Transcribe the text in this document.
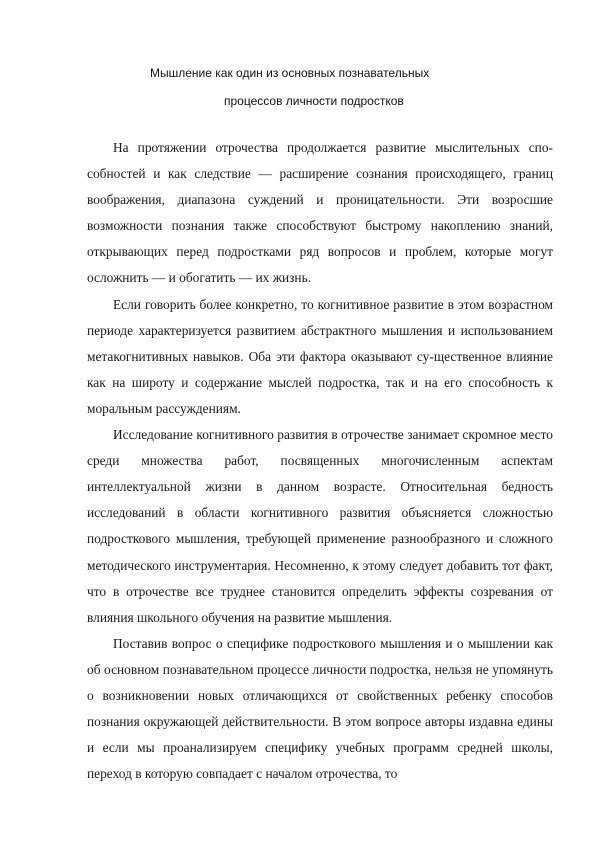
Мышление как один из основных познавательных
процессов личности подростков

На протяжении отрочества продолжается развитие мыслительных спо-собностей и как следствие — расширение сознания происходящего, границ воображения, диапазона суждений и проницательности. Эти возросшие возможности познания также способствуют быстрому накоплению знаний, открывающих перед подростками ряд вопросов и проблем, которые могут осложнить — и обогатить — их жизнь.

Если говорить более конкретно, то когнитивное развитие в этом возрастном периоде характеризуется развитием абстрактного мышления и использованием метакогнитивных навыков. Оба эти фактора оказывают су-щественное влияние как на широту и содержание мыслей подростка, так и на его способность к моральным рассуждениям.

Исследование когнитивного развития в отрочестве занимает скромное место среди множества работ, посвященных многочисленным аспектам интеллектуальной жизни в данном возрасте. Относительная бедность исследований в области когнитивного развития объясняется сложностью подросткового мышления, требующей применение разнообразного и сложного методического инструментария. Несомненно, к этому следует добавить тот факт, что в отрочестве все труднее становится определить эффекты созревания от влияния школьного обучения на развитие мышления.

Поставив вопрос о специфике подросткового мышления и о мышлении как об основном познавательном процессе личности подростка, нельзя не упомянуть о возникновении новых отличающихся от свойственных ребенку способов познания окружающей действительности. В этом вопросе авторы издавна едины и если мы проанализируем специфику учебных программ средней школы, переход в которую совпадает с началом отрочества, то
